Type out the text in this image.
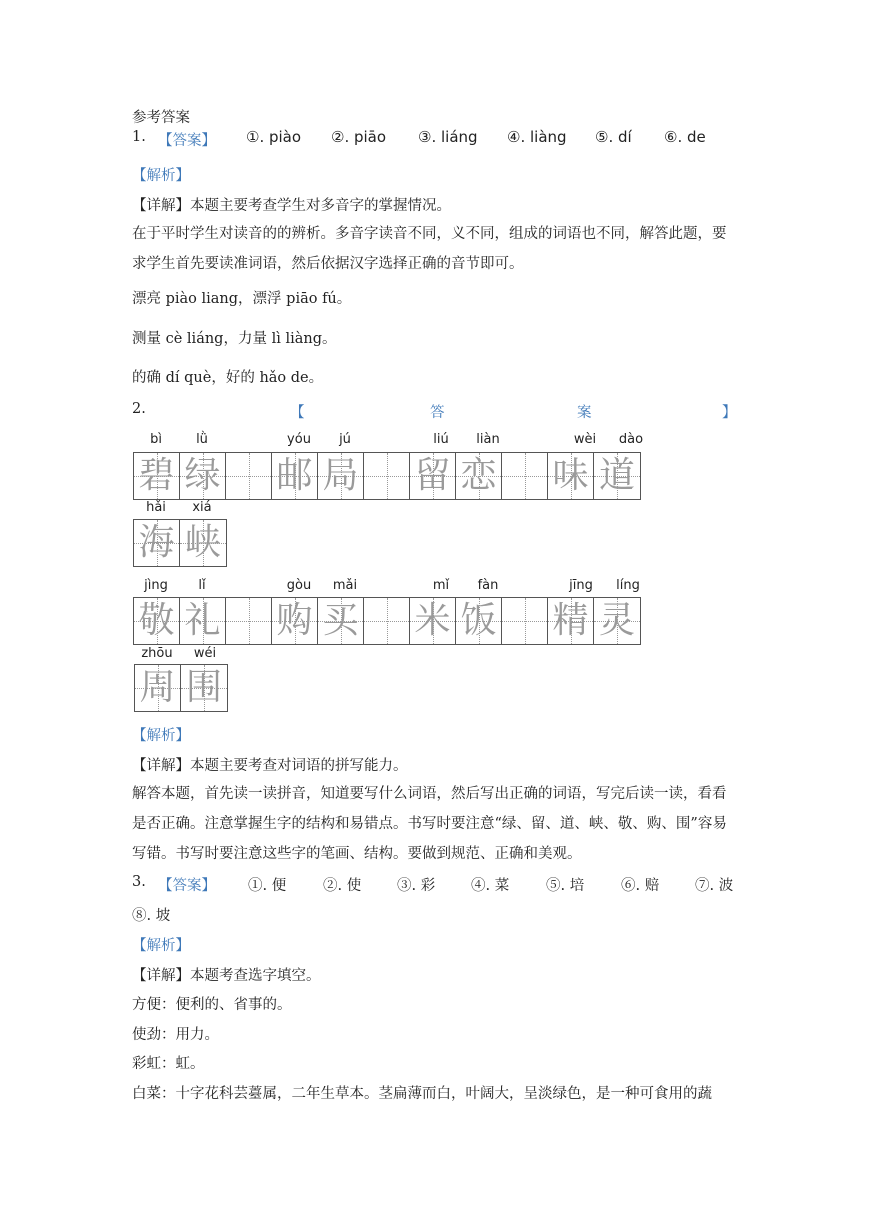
参考答案
1. 【答案】 ①. piào ②. piāo ③. liáng ④. liàng ⑤. dí ⑥. de
【解析】
【详解】本题主要考查学生对多音字的掌握情况。
在于平时学生对读音的的辨析。多音字读音不同，义不同，组成的词语也不同，解答此题，要求学生首先要读准词语，然后依据汉字选择正确的音节即可。
漂亮 piào liang，漂浮 piāo fú。
测量 cè liáng，力量 lì liàng。
的确 dí què，好的 hǎo de。
2.	【	答	案	】
碧 绿 邮 局 留 恋 味 道
bì	lǜ	yóu	jú	liú	liàn	wèi	dào
海 峡
hǎi	xiá
敬 礼 购 买 米 饭 精 灵
jìng	lǐ	gòu	mǎi	mǐ	fàn	jīng	líng
周 围
zhōu	wéi
【解析】
【详解】本题主要考查对词语的拼写能力。
解答本题，首先读一读拼音，知道要写什么词语，然后写出正确的词语，写完后读一读，看看是否正确。注意掌握生字的结构和易错点。书写时要注意“绿、留、道、峡、敬、购、围”容易写错。书写时要注意这些字的笔画、结构。要做到规范、正确和美观。
3. 【答案】 ①. 便	②. 使 ③. 彩 ④. 菜	⑤. 培	⑥. 赔 ⑦. 波
⑧. 坡
【解析】
【详解】本题考查选字填空。
方便：便利的、省事的。
使劲：用力。
彩虹：虹。
白菜：十字花科芸薹属，二年生草本。茎扁薄而白，叶阔大，呈淡绿色，是一种可食用的蔬
